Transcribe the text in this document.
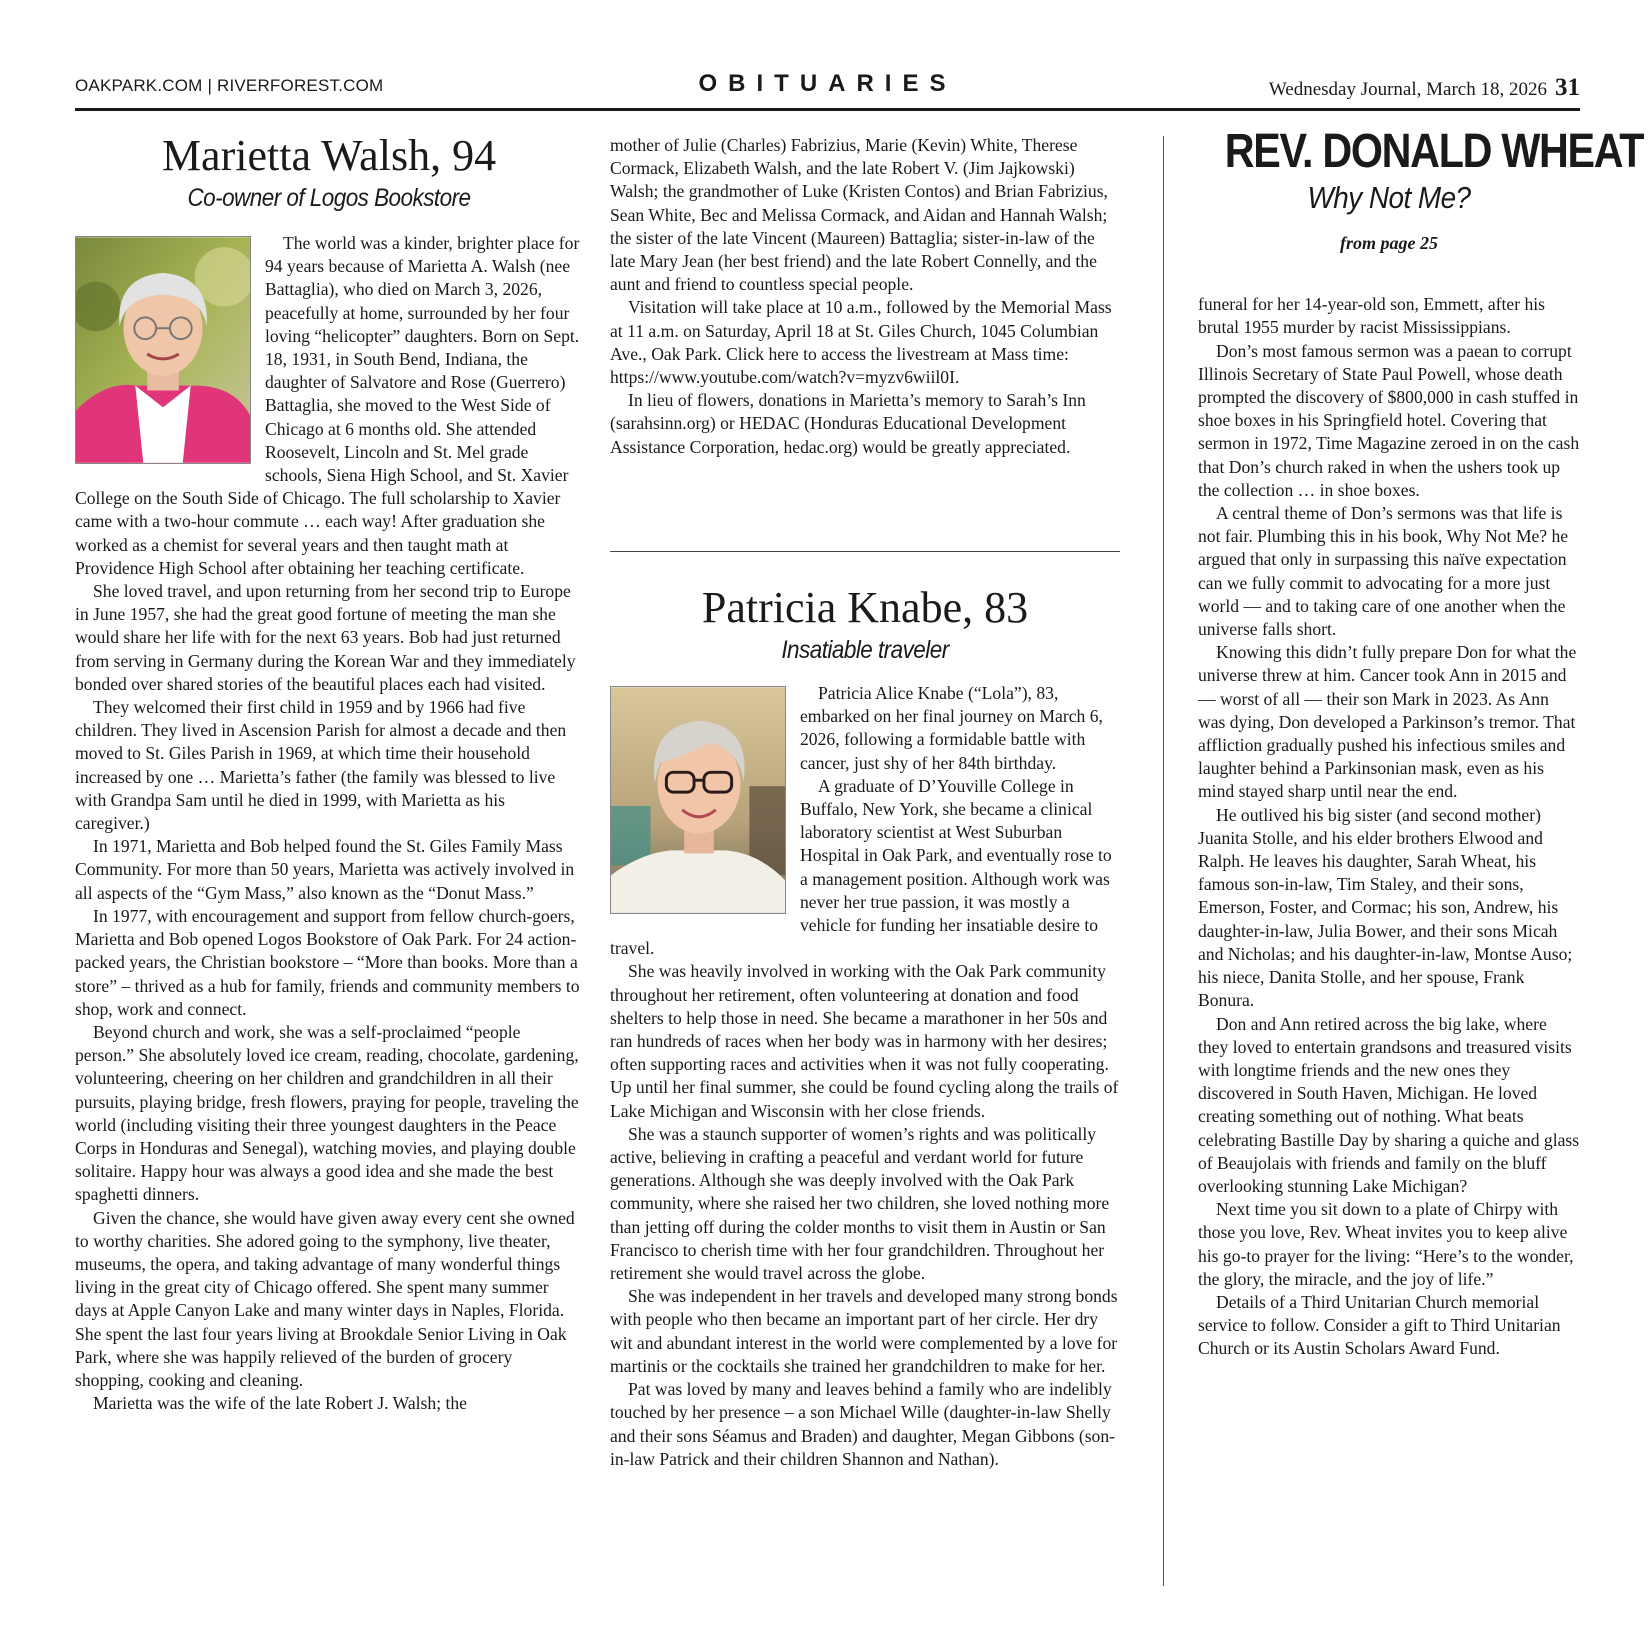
OAKPARK.COM | RIVERFOREST.COM	OBITUARIES	Wednesday Journal, March 18, 2026 31
Marietta Walsh, 94
Co-owner of Logos Bookstore

The world was a kinder, brighter place for 94 years because of Marietta A. Walsh (nee Battaglia), who died on March 3, 2026, peacefully at home, surrounded by her four loving “helicopter” daughters. Born on Sept. 18, 1931, in South Bend, Indiana, the daughter of Salvatore and Rose (Guerrero) Battaglia, she moved to the West Side of Chicago at 6 months old. She attended Roosevelt, Lincoln and St. Mel grade schools, Siena High School, and St. Xavier College on the South Side of Chicago. The full scholarship to Xavier came with a two-hour commute … each way! After graduation she worked as a chemist for several years and then taught math at Providence High School after obtaining her teaching certificate.

She loved travel, and upon returning from her second trip to Europe in June 1957, she had the great good fortune of meeting the man she would share her life with for the next 63 years. Bob had just returned from serving in Germany during the Korean War and they immediately bonded over shared stories of the beautiful places each had visited.

They welcomed their first child in 1959 and by 1966 had five children. They lived in Ascension Parish for almost a decade and then moved to St. Giles Parish in 1969, at which time their household increased by one … Marietta’s father (the family was blessed to live with Grandpa Sam until he died in 1999, with Marietta as his caregiver.)

In 1971, Marietta and Bob helped found the St. Giles Family Mass Community. For more than 50 years, Marietta was actively involved in all aspects of the “Gym Mass,” also known as the “Donut Mass.”

In 1977, with encouragement and support from fellow church-goers, Marietta and Bob opened Logos Bookstore of Oak Park. For 24 action-packed years, the Christian bookstore – “More than books. More than a store” – thrived as a hub for family, friends and community members to shop, work and connect.

Beyond church and work, she was a self-proclaimed “people person.” She absolutely loved ice cream, reading, chocolate, gardening, volunteering, cheering on her children and grandchildren in all their pursuits, playing bridge, fresh flowers, praying for people, traveling the world (including visiting their three youngest daughters in the Peace Corps in Honduras and Senegal), watching movies, and playing double solitaire. Happy hour was always a good idea and she made the best spaghetti dinners.

Given the chance, she would have given away every cent she owned to worthy charities. She adored going to the symphony, live theater, museums, the opera, and taking advantage of many wonderful things living in the great city of Chicago offered. She spent many summer days at Apple Canyon Lake and many winter days in Naples, Florida. She spent the last four years living at Brookdale Senior Living in Oak Park, where she was happily relieved of the burden of grocery shopping, cooking and cleaning.

Marietta was the wife of the late Robert J. Walsh; the

mother of Julie (Charles) Fabrizius, Marie (Kevin) White, Therese Cormack, Elizabeth Walsh, and the late Robert V. (Jim Jajkowski) Walsh; the grandmother of Luke (Kristen Contos) and Brian Fabrizius, Sean White, Bec and Melissa Cormack, and Aidan and Hannah Walsh; the sister of the late Vincent (Maureen) Battaglia; sister-in-law of the late Mary Jean (her best friend) and the late Robert Connelly, and the aunt and friend to countless special people.

Visitation will take place at 10 a.m., followed by the Memorial Mass at 11 a.m. on Saturday, April 18 at St. Giles Church, 1045 Columbian Ave., Oak Park. Click here to access the livestream at Mass time: https://www.youtube.com/watch?v=myzv6wiil0I.

In lieu of flowers, donations in Marietta’s memory to Sarah’s Inn (sarahsinn.org) or HEDAC (Honduras Educational Development Assistance Corporation, hedac.org) would be greatly appreciated.

Patricia Knabe, 83
Insatiable traveler

Patricia Alice Knabe (“Lola”), 83, embarked on her final journey on March 6, 2026, following a formidable battle with cancer, just shy of her 84th birthday.

A graduate of D’Youville College in Buffalo, New York, she became a clinical laboratory scientist at West Suburban Hospital in Oak Park, and eventually rose to a management position. Although work was never her true passion, it was mostly a vehicle for funding her insatiable desire to travel.

She was heavily involved in working with the Oak Park community throughout her retirement, often volunteering at donation and food shelters to help those in need. She became a marathoner in her 50s and ran hundreds of races when her body was in harmony with her desires; often supporting races and activities when it was not fully cooperating. Up until her final summer, she could be found cycling along the trails of Lake Michigan and Wisconsin with her close friends.

She was a staunch supporter of women’s rights and was politically active, believing in crafting a peaceful and verdant world for future generations. Although she was deeply involved with the Oak Park community, where she raised her two children, she loved nothing more than jetting off during the colder months to visit them in Austin or San Francisco to cherish time with her four grandchildren. Throughout her retirement she would travel across the globe.

She was independent in her travels and developed many strong bonds with people who then became an important part of her circle. Her dry wit and abundant interest in the world were complemented by a love for martinis or the cocktails she trained her grandchildren to make for her.

Pat was loved by many and leaves behind a family who are indelibly touched by her presence – a son Michael Wille (daughter-in-law Shelly and their sons Séamus and Braden) and daughter, Megan Gibbons (son-in-law Patrick and their children Shannon and Nathan).

REV. DONALD WHEAT
Why Not Me?
from page 25

funeral for her 14-year-old son, Emmett, after his brutal 1955 murder by racist Mississippians.

Don’s most famous sermon was a paean to corrupt Illinois Secretary of State Paul Powell, whose death prompted the discovery of $800,000 in cash stuffed in shoe boxes in his Springfield hotel. Covering that sermon in 1972, Time Magazine zeroed in on the cash that Don’s church raked in when the ushers took up the collection … in shoe boxes.

A central theme of Don’s sermons was that life is not fair. Plumbing this in his book, Why Not Me? he argued that only in surpassing this naïve expectation can we fully commit to advocating for a more just world — and to taking care of one another when the universe falls short.

Knowing this didn’t fully prepare Don for what the universe threw at him. Cancer took Ann in 2015 and — worst of all — their son Mark in 2023. As Ann was dying, Don developed a Parkinson’s tremor. That affliction gradually pushed his infectious smiles and laughter behind a Parkinsonian mask, even as his mind stayed sharp until near the end.

He outlived his big sister (and second mother) Juanita Stolle, and his elder brothers Elwood and Ralph. He leaves his daughter, Sarah Wheat, his famous son-in-law, Tim Staley, and their sons, Emerson, Foster, and Cormac; his son, Andrew, his daughter-in-law, Julia Bower, and their sons Micah and Nicholas; and his daughter-in-law, Montse Auso; his niece, Danita Stolle, and her spouse, Frank Bonura.

Don and Ann retired across the big lake, where they loved to entertain grandsons and treasured visits with longtime friends and the new ones they discovered in South Haven, Michigan. He loved creating something out of nothing. What beats celebrating Bastille Day by sharing a quiche and glass of Beaujolais with friends and family on the bluff overlooking stunning Lake Michigan?

Next time you sit down to a plate of Chirpy with those you love, Rev. Wheat invites you to keep alive his go-to prayer for the living: “Here’s to the wonder, the glory, the miracle, and the joy of life.”

Details of a Third Unitarian Church memorial service to follow. Consider a gift to Third Unitarian Church or its Austin Scholars Award Fund.
